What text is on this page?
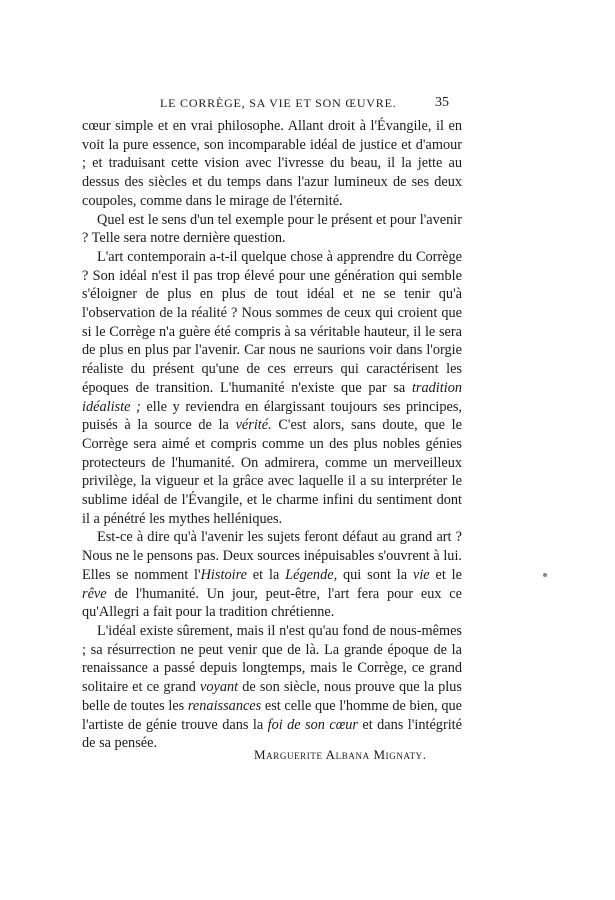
LE CORRÈGE, SA VIE ET SON ŒUVRE.	35

cœur simple et en vrai philosophe. Allant droit à l'Évangile, il en voit la pure essence, son incomparable idéal de justice et d'amour ; et traduisant cette vision avec l'ivresse du beau, il la jette au dessus des siècles et du temps dans l'azur lumineux de ses deux coupoles, comme dans le mirage de l'éternité.

Quel est le sens d'un tel exemple pour le présent et pour l'avenir ? Telle sera notre dernière question.

L'art contemporain a-t-il quelque chose à apprendre du Corrège ? Son idéal n'est il pas trop élevé pour une génération qui semble s'éloigner de plus en plus de tout idéal et ne se tenir qu'à l'observation de la réalité ? Nous sommes de ceux qui croient que si le Corrège n'a guère été compris à sa véritable hauteur, il le sera de plus en plus par l'avenir. Car nous ne saurions voir dans l'orgie réaliste du présent qu'une de ces erreurs qui caractérisent les époques de transition. L'humanité n'existe que par sa tradition idéaliste ; elle y reviendra en élargissant toujours ses principes, puisés à la source de la vérité. C'est alors, sans doute, que le Corrège sera aimé et compris comme un des plus nobles génies protecteurs de l'humanité. On admirera, comme un merveilleux privilège, la vigueur et la grâce avec laquelle il a su interpréter le sublime idéal de l'Évangile, et le charme infini du sentiment dont il a pénétré les mythes helléniques.

Est-ce à dire qu'à l'avenir les sujets feront défaut au grand art ? Nous ne le pensons pas. Deux sources inépuisables s'ouvrent à lui. Elles se nomment l'Histoire et la Légende, qui sont la vie et le rêve de l'humanité. Un jour, peut-être, l'art fera pour eux ce qu'Allegri a fait pour la tradition chrétienne.

L'idéal existe sûrement, mais il n'est qu'au fond de nous-mêmes ; sa résurrection ne peut venir que de là. La grande époque de la renaissance a passé depuis longtemps, mais le Corrège, ce grand solitaire et ce grand voyant de son siècle, nous prouve que la plus belle de toutes les renaissances est celle que l'homme de bien, que l'artiste de génie trouve dans la foi de son cœur et dans l'intégrité de sa pensée.

Marguerite Albana Mignaty.
